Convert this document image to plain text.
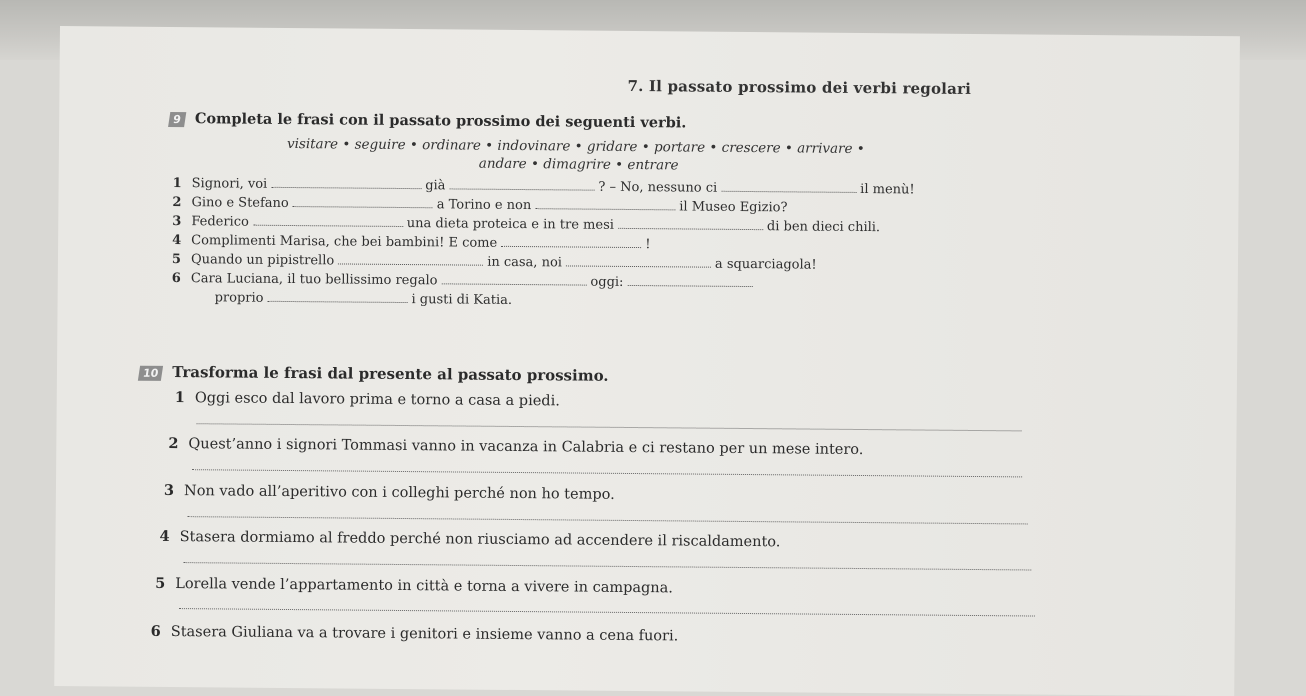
7. Il passato prossimo dei verbi regolari
9 Completa le frasi con il passato prossimo dei seguenti verbi.
visitare • seguire • ordinare • indovinare • gridare • portare • crescere • arrivare •
andare • dimagrire • entrare
1 Signori, voi	già	? – No, nessuno ci	il menù!
2 Gino e Stefano	a Torino e non	il Museo Egizio?
3 Federico	una dieta proteica e in tre mesi	di ben dieci chili.
4 Complimenti Marisa, che bei bambini! E come	!
5 Quando un pipistrello	in casa, noi	a squarciagola!
6 Cara Luciana, il tuo bellissimo regalo	oggi:
proprio	i gusti di Katia.
10 Trasforma le frasi dal presente al passato prossimo.
1 Oggi esco dal lavoro prima e torno a casa a piedi.
2 Quest’anno i signori Tommasi vanno in vacanza in Calabria e ci restano per un mese intero.
3 Non vado all’aperitivo con i colleghi perché non ho tempo.
4 Stasera dormiamo al freddo perché non riusciamo ad accendere il riscaldamento.
5 Lorella vende l’appartamento in città e torna a vivere in campagna.
6 Stasera Giuliana va a trovare i genitori e insieme vanno a cena fuori.
